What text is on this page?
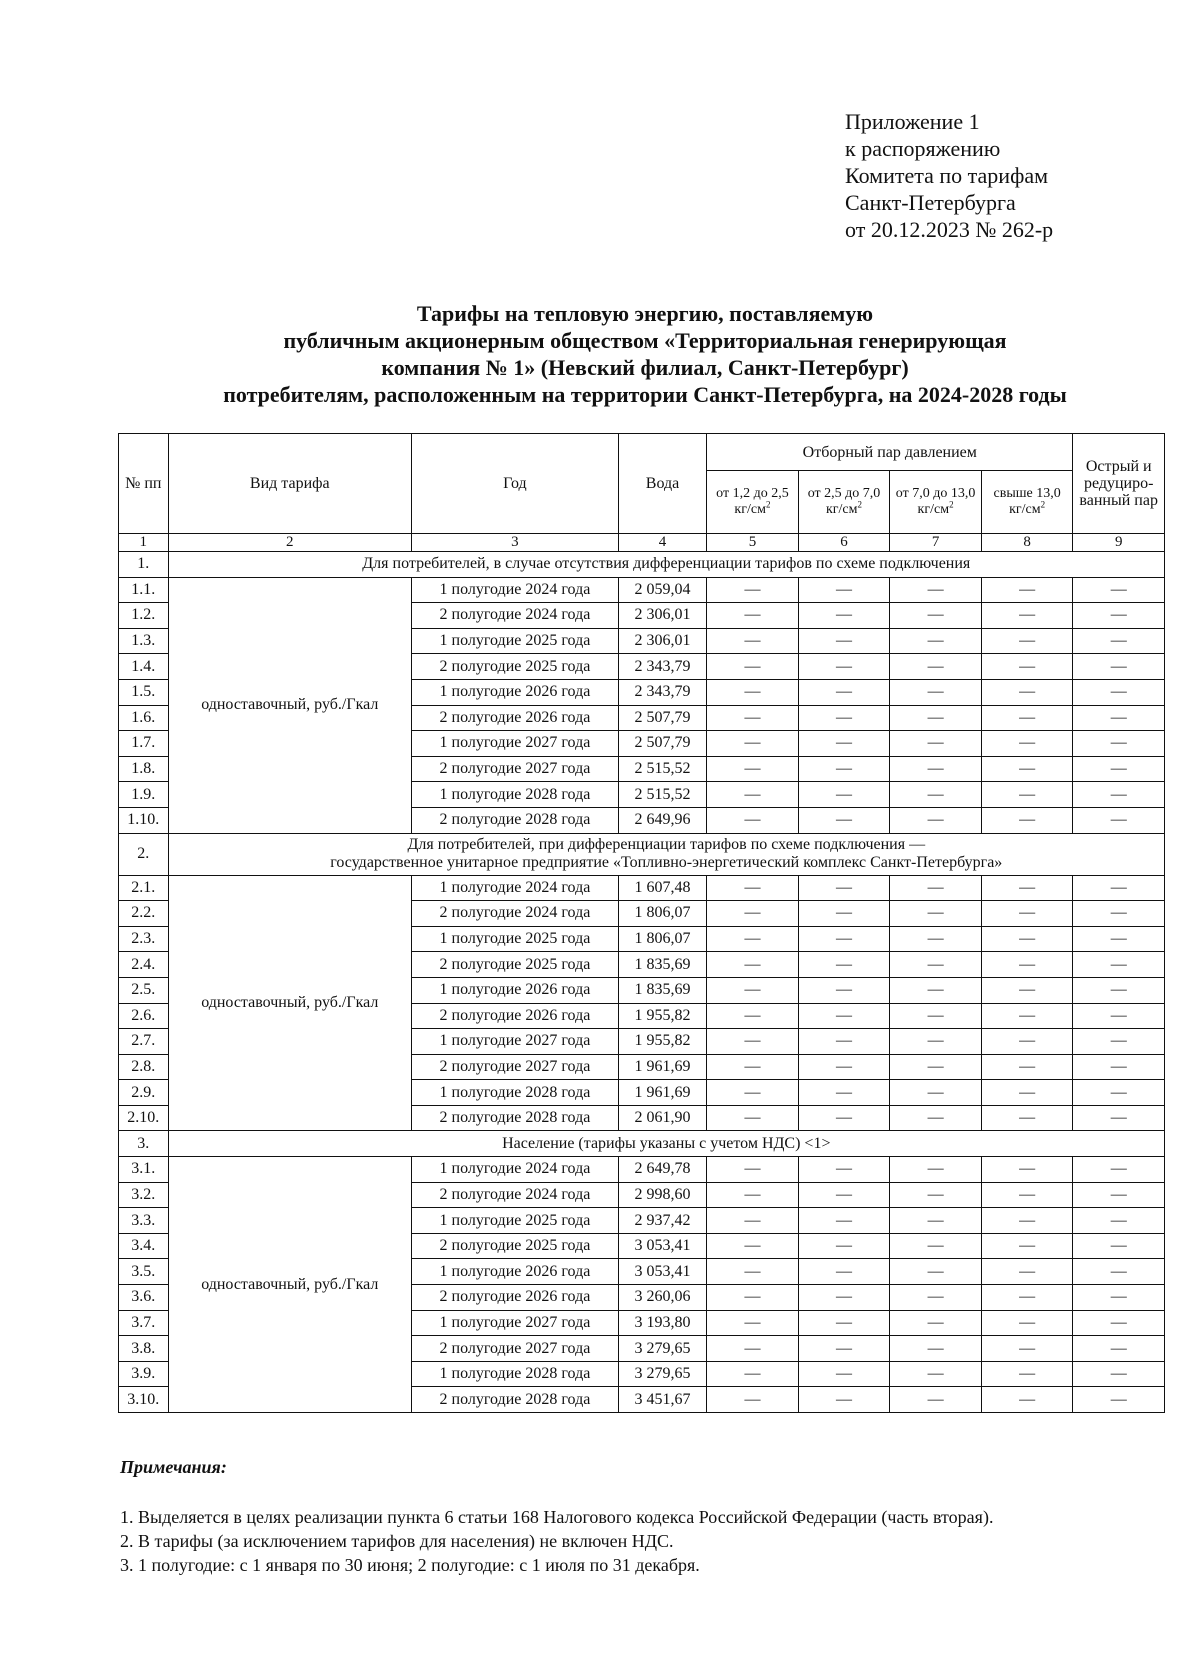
Приложение 1
к распоряжению
Комитета по тарифам
Санкт-Петербурга
от 20.12.2023 № 262-р
Тарифы на тепловую энергию, поставляемую
публичным акционерным обществом «Территориальная генерирующая
компания № 1» (Невский филиал, Санкт-Петербург)
потребителям, расположенным на территории Санкт-Петербурга, на 2024-2028 годы
№ пп	Вид тарифа	Год	Вода	Отборный пар давлением				Острый и редуциро-ванный пар
				от 1,2 до 2,5 $кг/см^2$	от 2,5 до 7,0 $кг/см^2$	от 7,0 до 13,0 $кг/см^2$	свыше 13,0 $кг/см^2$
1	2	3	4	5	6	7	8	9
1.	Для потребителей, в случае отсутствия дифференциации тарифов по схеме подключения							

1.1.	одноставочный, руб./Гкал	1 полугодие 2024 года	2 059,04	—	—	—	—	—
1.2.		2 полугодие 2024 года	2 306,01	—	—	—	—	—
1.3.		1 полугодие 2025 года	2 306,01	—	—	—	—	—
1.4.		2 полугодие 2025 года	2 343,79	—	—	—	—	—
1.5.		1 полугодие 2026 года	2 343,79	—	—	—	—	—
1.6.		2 полугодие 2026 года	2 507,79	—	—	—	—	—
1.7.		1 полугодие 2027 года	2 507,79	—	—	—	—	—
1.8.		2 полугодие 2027 года	2 515,52	—	—	—	—	—
1.9.		1 полугодие 2028 года	2 515,52	—	—	—	—	—
1.10.		2 полугодие 2028 года	2 649,96	—	—	—	—	—
2.	Для потребителей, при дифференциации тарифов по схеме подключения —
государственное унитарное предприятие «Топливно-энергетический комплекс Санкт-Петербурга»							

2.1.	одноставочный, руб./Гкал	1 полугодие 2024 года	1 607,48	—	—	—	—	—
2.2.		2 полугодие 2024 года	1 806,07	—	—	—	—	—
2.3.		1 полугодие 2025 года	1 806,07	—	—	—	—	—
2.4.		2 полугодие 2025 года	1 835,69	—	—	—	—	—
2.5.		1 полугодие 2026 года	1 835,69	—	—	—	—	—
2.6.		2 полугодие 2026 года	1 955,82	—	—	—	—	—
2.7.		1 полугодие 2027 года	1 955,82	—	—	—	—	—
2.8.		2 полугодие 2027 года	1 961,69	—	—	—	—	—
2.9.		1 полугодие 2028 года	1 961,69	—	—	—	—	—
2.10.		2 полугодие 2028 года	2 061,90	—	—	—	—	—
3.	Население (тарифы указаны с учетом НДС) <1>							

3.1.	одноставочный, руб./Гкал	1 полугодие 2024 года	2 649,78	—	—	—	—	—
3.2.		2 полугодие 2024 года	2 998,60	—	—	—	—	—
3.3.		1 полугодие 2025 года	2 937,42	—	—	—	—	—
3.4.		2 полугодие 2025 года	3 053,41	—	—	—	—	—
3.5.		1 полугодие 2026 года	3 053,41	—	—	—	—	—
3.6.		2 полугодие 2026 года	3 260,06	—	—	—	—	—
3.7.		1 полугодие 2027 года	3 193,80	—	—	—	—	—
3.8.		2 полугодие 2027 года	3 279,65	—	—	—	—	—
3.9.		1 полугодие 2028 года	3 279,65	—	—	—	—	—
3.10.		2 полугодие 2028 года	3 451,67	—	—	—	—	—
Примечания:
1. Выделяется в целях реализации пункта 6 статьи 168 Налогового кодекса Российской Федерации (часть вторая).
2. В тарифы (за исключением тарифов для населения) не включен НДС.
3. 1 полугодие: с 1 января по 30 июня; 2 полугодие: с 1 июля по 31 декабря.
